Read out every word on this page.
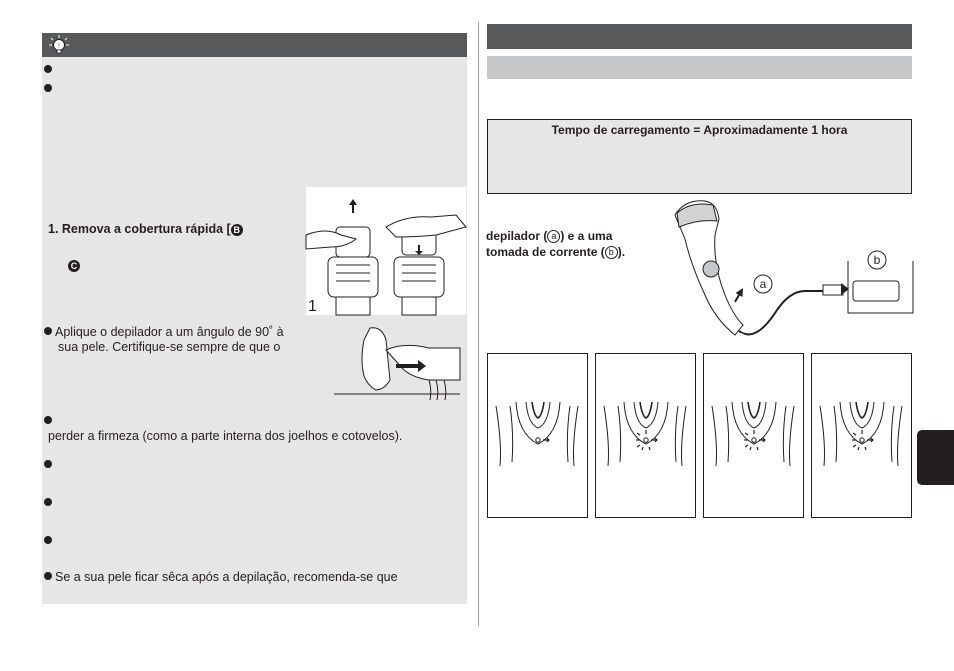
!
1. Remova a cobertura rápida [ B
C
1
Aplique o depilador a um ângulo de 90˚ à
sua pele. Certifique-se sempre de que o

perder a firmeza (como a parte interna dos joelhos e cotovelos).
Se a sua pele ficar sêca após a depilação, recomenda-se que
Tempo de carregamento = Aproximadamente 1 hora
depilador ( a ) e a uma
tomada de corrente ( b ).
a
b
